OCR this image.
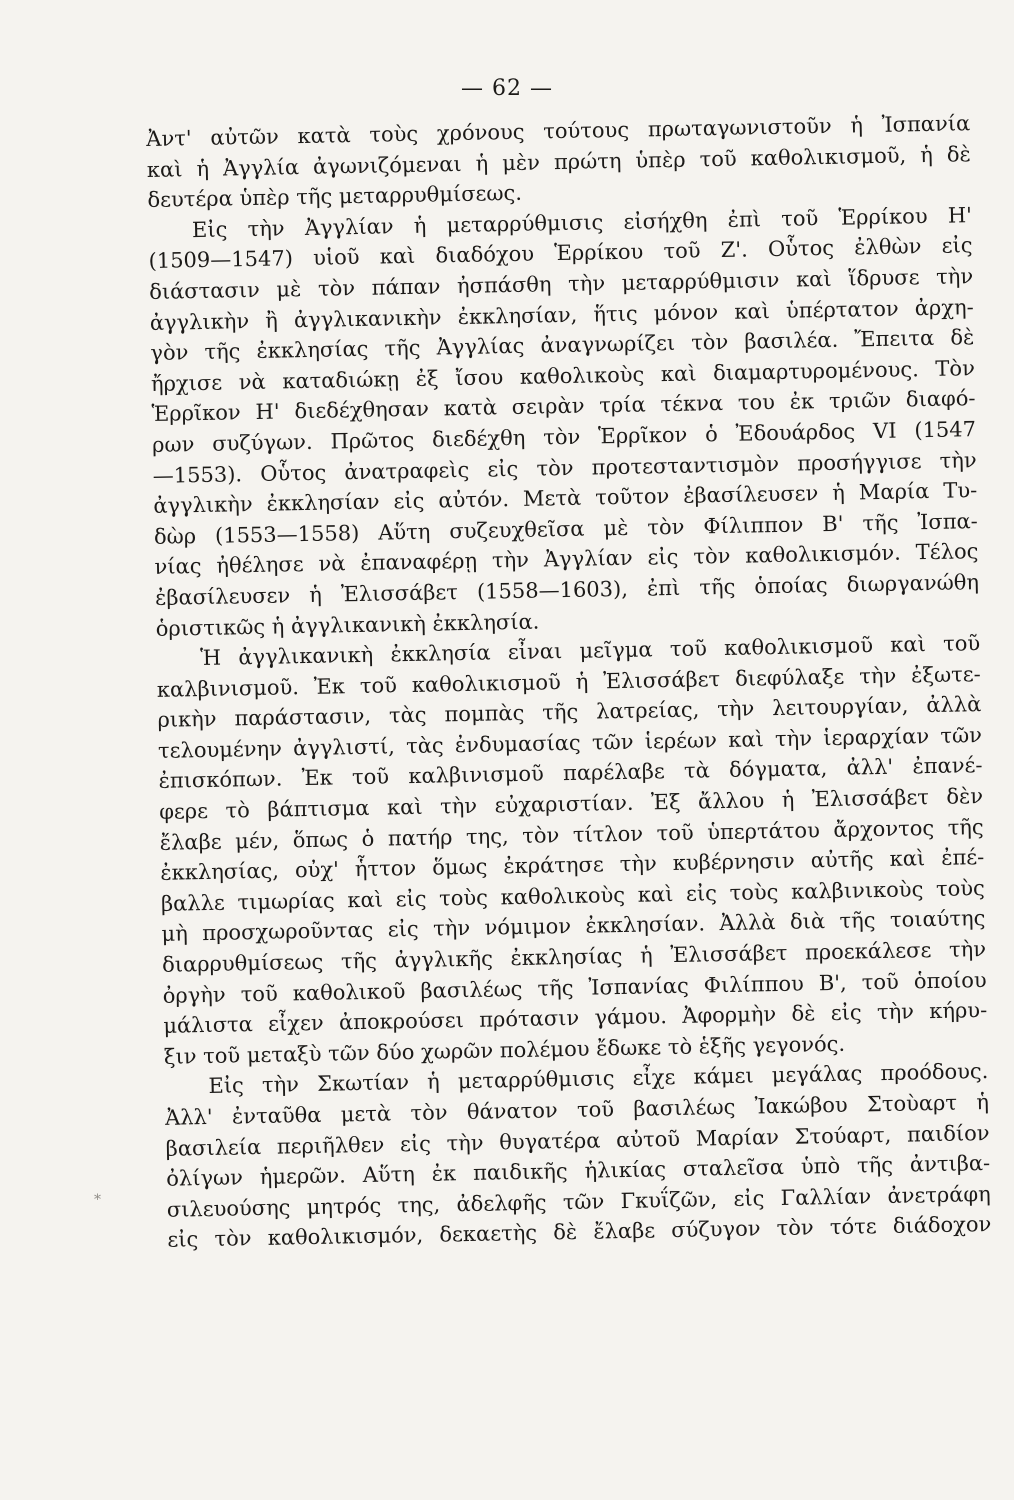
— 62 —
Ἀντ' αὐτῶν κατὰ τοὺς χρόνους τούτους πρωταγωνιστοῦν ἡ Ἰσπανία
καὶ ἡ Ἀγγλία ἀγωνιζόμεναι ἡ μὲν πρώτη ὑπὲρ τοῦ καθολικισμοῦ, ἡ δὲ
δευτέρα ὑπὲρ τῆς μεταρρυθμίσεως.
Εἰς τὴν Ἀγγλίαν ἡ μεταρρύθμισις εἰσήχθη ἐπὶ τοῦ Ἑρρίκου Η'
(1509—1547) υἱοῦ καὶ διαδόχου Ἑρρίκου τοῦ Ζ'. Οὗτος ἐλθὼν εἰς
διάστασιν μὲ τὸν πάπαν ἠσπάσθη τὴν μεταρρύθμισιν καὶ ἵδρυσε τὴν
ἀγγλικὴν ἢ ἀγγλικανικὴν ἐκκλησίαν, ἥτις μόνον καὶ ὑπέρτατον ἀρχη-
γὸν τῆς ἐκκλησίας τῆς Ἀγγλίας ἀναγνωρίζει τὸν βασιλέα. Ἔπειτα δὲ
ἤρχισε νὰ καταδιώκῃ ἐξ ἴσου καθολικοὺς καὶ διαμαρτυρομένους. Τὸν
Ἑρρῖκον Η' διεδέχθησαν κατὰ σειρὰν τρία τέκνα του ἐκ τριῶν διαφό-
ρων συζύγων. Πρῶτος διεδέχθη τὸν Ἑρρῖκον ὁ Ἐδουάρδος VI (1547
—1553). Οὗτος ἀνατραφεὶς εἰς τὸν προτεσταντισμὸν προσήγγισε τὴν
ἀγγλικὴν ἐκκλησίαν εἰς αὐτόν. Μετὰ τοῦτον ἐβασίλευσεν ἡ Μαρία Τυ-
δὼρ (1553—1558) Αὕτη συζευχθεῖσα μὲ τὸν Φίλιππον Β' τῆς Ἰσπα-
νίας ἠθέλησε νὰ ἐπαναφέρῃ τὴν Ἀγγλίαν εἰς τὸν καθολικισμόν. Τέλος
ἐβασίλευσεν ἡ Ἐλισσάβετ (1558—1603), ἐπὶ τῆς ὁποίας διωργανώθη
ὁριστικῶς ἡ ἀγγλικανικὴ ἐκκλησία.
Ἡ ἀγγλικανικὴ ἐκκλησία εἶναι μεῖγμα τοῦ καθολικισμοῦ καὶ τοῦ
καλβινισμοῦ. Ἐκ τοῦ καθολικισμοῦ ἡ Ἐλισσάβετ διεφύλαξε τὴν ἐξωτε-
ρικὴν παράστασιν, τὰς πομπὰς τῆς λατρείας, τὴν λειτουργίαν, ἀλλὰ
τελουμένην ἀγγλιστί, τὰς ἐνδυμασίας τῶν ἱερέων καὶ τὴν ἱεραρχίαν τῶν
ἐπισκόπων. Ἐκ τοῦ καλβινισμοῦ παρέλαβε τὰ δόγματα, ἀλλ' ἐπανέ-
φερε τὸ βάπτισμα καὶ τὴν εὐχαριστίαν. Ἐξ ἄλλου ἡ Ἐλισσάβετ δὲν
ἔλαβε μέν, ὅπως ὁ πατήρ της, τὸν τίτλον τοῦ ὑπερτάτου ἄρχοντος τῆς
ἐκκλησίας, οὐχ' ἧττον ὅμως ἐκράτησε τὴν κυβέρνησιν αὐτῆς καὶ ἐπέ-
βαλλε τιμωρίας καὶ εἰς τοὺς καθολικοὺς καὶ εἰς τοὺς καλβινικοὺς τοὺς
μὴ προσχωροῦντας εἰς τὴν νόμιμον ἐκκλησίαν. Ἀλλὰ διὰ τῆς τοιαύτης
διαρρυθμίσεως τῆς ἀγγλικῆς ἐκκλησίας ἡ Ἐλισσάβετ προεκάλεσε τὴν
ὀργὴν τοῦ καθολικοῦ βασιλέως τῆς Ἰσπανίας Φιλίππου Β', τοῦ ὁποίου
μάλιστα εἶχεν ἀποκρούσει πρότασιν γάμου. Ἀφορμὴν δὲ εἰς τὴν κήρυ-
ξιν τοῦ μεταξὺ τῶν δύο χωρῶν πολέμου ἔδωκε τὸ ἑξῆς γεγονός.
Εἰς τὴν Σκωτίαν ἡ μεταρρύθμισις εἶχε κάμει μεγάλας προόδους.
Ἀλλ' ἐνταῦθα μετὰ τὸν θάνατον τοῦ βασιλέως Ἰακώβου Στοὺαρτ ἡ
βασιλεία περιῆλθεν εἰς τὴν θυγατέρα αὐτοῦ Μαρίαν Στούαρτ, παιδίον
ὀλίγων ἡμερῶν. Αὕτη ἐκ παιδικῆς ἡλικίας σταλεῖσα ὑπὸ τῆς ἀντιβα-
σιλευούσης μητρός της, ἀδελφῆς τῶν Γκυΐζῶν, εἰς Γαλλίαν ἀνετράφη
εἰς τὸν καθολικισμόν, δεκαετὴς δὲ ἔλαβε σύζυγον τὸν τότε διάδοχον
*
